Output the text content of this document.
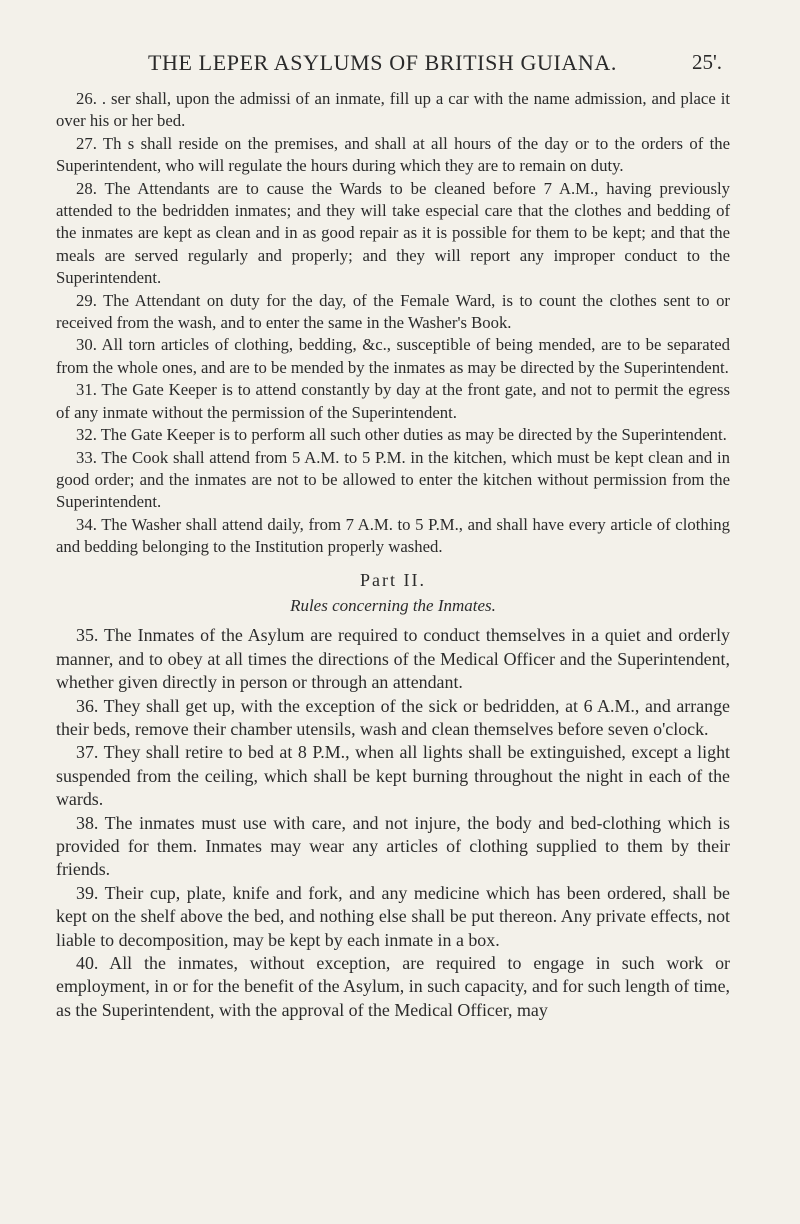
THE LEPER ASYLUMS OF BRITISH GUIANA.	25'.

26. . ser shall, upon the admissi of an inmate, fill up a car with the name admission, and place it over his or her bed.

27. Th s shall reside on the premises, and shall at all hours of the day or to the orders of the Superintendent, who will regulate the hours during which they are to remain on duty.

28. The Attendants are to cause the Wards to be cleaned before 7 A.M., having previously attended to the bedridden inmates; and they will take especial care that the clothes and bedding of the inmates are kept as clean and in as good repair as it is possible for them to be kept; and that the meals are served regularly and properly; and they will report any improper conduct to the Superintendent.

29. The Attendant on duty for the day, of the Female Ward, is to count the clothes sent to or received from the wash, and to enter the same in the Washer's Book.

30. All torn articles of clothing, bedding, &c., susceptible of being mended, are to be separated from the whole ones, and are to be mended by the inmates as may be directed by the Superintendent.

31. The Gate Keeper is to attend constantly by day at the front gate, and not to permit the egress of any inmate without the permission of the Superintendent.

32. The Gate Keeper is to perform all such other duties as may be directed by the Superintendent.

33. The Cook shall attend from 5 A.M. to 5 P.M. in the kitchen, which must be kept clean and in good order; and the inmates are not to be allowed to enter the kitchen without permission from the Superintendent.

34. The Washer shall attend daily, from 7 A.M. to 5 P.M., and shall have every article of clothing and bedding belonging to the Institution properly washed.

Part II.
Rules concerning the Inmates.

35. The Inmates of the Asylum are required to conduct themselves in a quiet and orderly manner, and to obey at all times the directions of the Medical Officer and the Superintendent, whether given directly in person or through an attendant.

36. They shall get up, with the exception of the sick or bedridden, at 6 A.M., and arrange their beds, remove their chamber utensils, wash and clean themselves before seven o'clock.

37. They shall retire to bed at 8 P.M., when all lights shall be extinguished, except a light suspended from the ceiling, which shall be kept burning throughout the night in each of the wards.

38. The inmates must use with care, and not injure, the body and bed-clothing which is provided for them. Inmates may wear any articles of clothing supplied to them by their friends.

39. Their cup, plate, knife and fork, and any medicine which has been ordered, shall be kept on the shelf above the bed, and nothing else shall be put thereon. Any private effects, not liable to decomposition, may be kept by each inmate in a box.

40. All the inmates, without exception, are required to engage in such work or employment, in or for the benefit of the Asylum, in such capacity, and for such length of time, as the Superintendent, with the approval of the Medical Officer, may
